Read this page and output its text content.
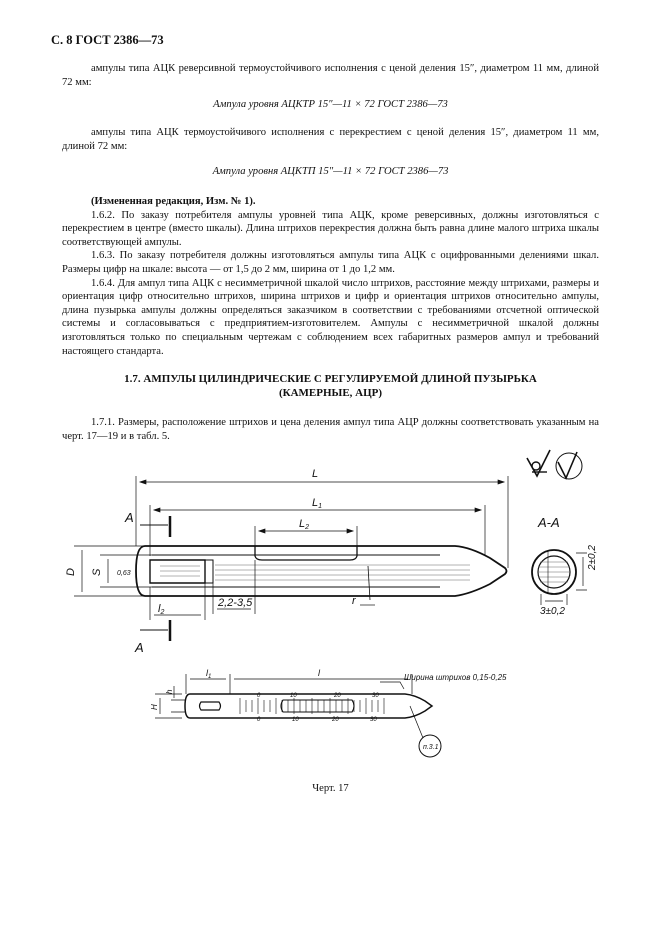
С. 8 ГОСТ 2386—73

ампулы типа АЦК реверсивной термоустойчивого исполнения с ценой деления 15″, диаметром 11 мм, длиной 72 мм:

Ампула уровня АЦКТР 15″—11 × 72 ГОСТ 2386—73

ампулы типа АЦК термоустойчивого исполнения с перекрестием с ценой деления 15″, диаметром 11 мм, длиной 72 мм:

Ампула уровня АЦКТП 15″—11 × 72 ГОСТ 2386—73

(Измененная редакция, Изм. № 1).

1.6.2. По заказу потребителя ампулы уровней типа АЦК, кроме реверсивных, должны изготовляться с перекрестием в центре (вместо шкалы). Длина штрихов перекрестия должна быть равна длине малого штриха шкалы соответствующей ампулы.

1.6.3. По заказу потребителя должны изготовляться ампулы типа АЦК с оцифрованными делениями шкал. Размеры цифр на шкале: высота — от 1,5 до 2 мм, ширина от 1 до 1,2 мм.

1.6.4. Для ампул типа АЦК с несимметричной шкалой число штрихов, расстояние между штрихами, размеры и ориентация цифр относительно штрихов, ширина штрихов и цифр и ориентация штрихов относительно ампулы, длина пузырька ампулы должны определяться заказчиком в соответствии с требованиями отсчетной оптической системы и согласовываться с предприятием-изготовителем. Ампулы с несимметричной шкалой должны изготовляться только по специальным чертежам с соблюдением всех габаритных размеров ампул и требований настоящего стандарта.

1.7. АМПУЛЫ ЦИЛИНДРИЧЕСКИЕ С РЕГУЛИРУЕМОЙ ДЛИНОЙ ПУЗЫРЬКА
(КАМЕРНЫЕ, АЦР)

1.7.1. Размеры, расположение штрихов и цена деления ампул типа АЦР должны соответствовать указанным на черт. 17—19 и в табл. 5.

L
L1
L2
A
A
А-А
D S 0,63
l2
2,2-3,5	r
2±0,2
3±0,2
$l_1$	l
H
h
Ширина штрихов 0,15-0,25
0	10	20	30
0	10	20	30
п.3.1
Черт. 17
